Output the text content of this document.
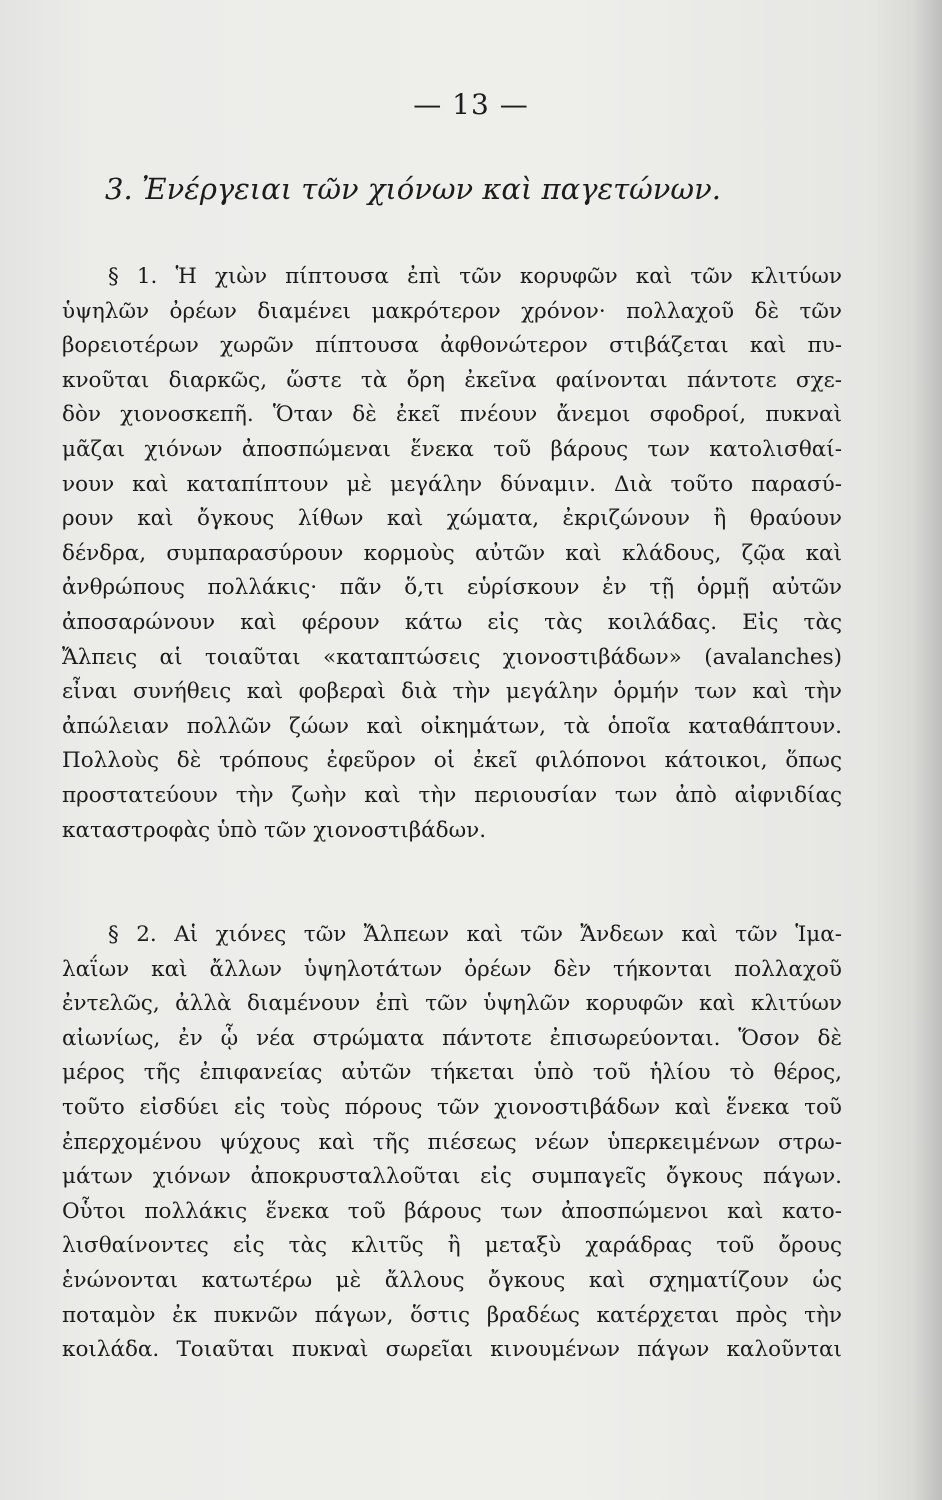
— 13 —
3. Ἐνέργειαι τῶν χιόνων καὶ παγετώνων.
§ 1. Ἡ χιὼν πίπτουσα ἐπὶ τῶν κορυφῶν καὶ τῶν κλιτύων
ὑψηλῶν ὀρέων διαμένει μακρότερον χρόνον· πολλαχοῦ δὲ τῶν
βορειοτέρων χωρῶν πίπτουσα ἀφθονώτερον στιβάζεται καὶ πυ-
κνοῦται διαρκῶς, ὥστε τὰ ὄρη ἐκεῖνα φαίνονται πάντοτε σχε-
δὸν χιονοσκεπῆ. Ὅταν δὲ ἐκεῖ πνέουν ἄνεμοι σφοδροί, πυκναὶ
μᾶζαι χιόνων ἀποσπώμεναι ἕνεκα τοῦ βάρους των κατολισθαί-
νουν καὶ καταπίπτουν μὲ μεγάλην δύναμιν. Διὰ τοῦτο παρασύ-
ρουν καὶ ὄγκους λίθων καὶ χώματα, ἐκριζώνουν ἢ θραύουν
δένδρα, συμπαρασύρουν κορμοὺς αὐτῶν καὶ κλάδους, ζῷα καὶ
ἀνθρώπους πολλάκις· πᾶν ὅ,τι εὑρίσκουν ἐν τῇ ὁρμῇ αὐτῶν
ἀποσαρώνουν καὶ φέρουν κάτω εἰς τὰς κοιλάδας. Εἰς τὰς
Ἄλπεις αἱ τοιαῦται «καταπτώσεις χιονοστιβάδων» (avalanches)
εἶναι συνήθεις καὶ φοβεραὶ διὰ τὴν μεγάλην ὁρμήν των καὶ τὴν
ἀπώλειαν πολλῶν ζώων καὶ οἰκημάτων, τὰ ὁποῖα καταθάπτουν.
Πολλοὺς δὲ τρόπους ἐφεῦρον οἱ ἐκεῖ φιλόπονοι κάτοικοι, ὅπως
προστατεύουν τὴν ζωὴν καὶ τὴν περιουσίαν των ἀπὸ αἰφνιδίας
καταστροφὰς ὑπὸ τῶν χιονοστιβάδων.
§ 2. Αἱ χιόνες τῶν Ἄλπεων καὶ τῶν Ἄνδεων καὶ τῶν Ἱμα-
λαΐων καὶ ἄλλων ὑψηλοτάτων ὀρέων δὲν τήκονται πολλαχοῦ
ἐντελῶς, ἀλλὰ διαμένουν ἐπὶ τῶν ὑψηλῶν κορυφῶν καὶ κλιτύων
αἰωνίως, ἐν ᾧ νέα στρώματα πάντοτε ἐπισωρεύονται. Ὅσον δὲ
μέρος τῆς ἐπιφανείας αὐτῶν τήκεται ὑπὸ τοῦ ἡλίου τὸ θέρος,
τοῦτο εἰσδύει εἰς τοὺς πόρους τῶν χιονοστιβάδων καὶ ἕνεκα τοῦ
ἐπερχομένου ψύχους καὶ τῆς πιέσεως νέων ὑπερκειμένων στρω-
μάτων χιόνων ἀποκρυσταλλοῦται εἰς συμπαγεῖς ὄγκους πάγων.
Οὗτοι πολλάκις ἕνεκα τοῦ βάρους των ἀποσπώμενοι καὶ κατο-
λισθαίνοντες εἰς τὰς κλιτῦς ἢ μεταξὺ χαράδρας τοῦ ὄρους
ἑνώνονται κατωτέρω μὲ ἄλλους ὄγκους καὶ σχηματίζουν ὡς
ποταμὸν ἐκ πυκνῶν πάγων, ὅστις βραδέως κατέρχεται πρὸς τὴν
κοιλάδα. Τοιαῦται πυκναὶ σωρεῖαι κινουμένων πάγων καλοῦνται
